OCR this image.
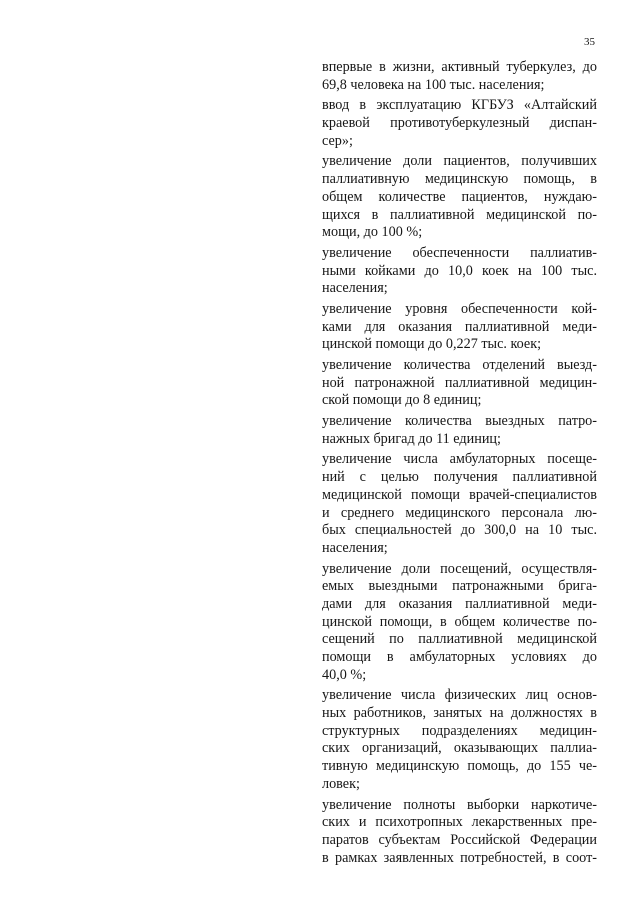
35
впервые в жизни, активный туберкулез, до
69,8 человека на 100 тыс. населения;
ввод в эксплуатацию КГБУЗ «Алтайский
краевой противотуберкулезный диспан-
сер»;
увеличение доли пациентов, получивших
паллиативную медицинскую помощь, в
общем количестве пациентов, нуждаю-
щихся в паллиативной медицинской по-
мощи, до 100 %;
увеличение обеспеченности паллиатив-
ными койками до 10,0 коек на 100 тыс.
населения;
увеличение уровня обеспеченности кой-
ками для оказания паллиативной меди-
цинской помощи до 0,227 тыс. коек;
увеличение количества отделений выезд-
ной патронажной паллиативной медицин-
ской помощи до 8 единиц;
увеличение количества выездных патро-
нажных бригад до 11 единиц;
увеличение числа амбулаторных посеще-
ний с целью получения паллиативной
медицинской помощи врачей-специалистов
и среднего медицинского персонала лю-
бых специальностей до 300,0 на 10 тыс.
населения;
увеличение доли посещений, осуществля-
емых выездными патронажными брига-
дами для оказания паллиативной меди-
цинской помощи, в общем количестве по-
сещений по паллиативной медицинской
помощи в амбулаторных условиях до
40,0 %;
увеличение числа физических лиц основ-
ных работников, занятых на должностях в
структурных подразделениях медицин-
ских организаций, оказывающих паллиа-
тивную медицинскую помощь, до 155 че-
ловек;
увеличение полноты выборки наркотиче-
ских и психотропных лекарственных пре-
паратов субъектам Российской Федерации
в рамках заявленных потребностей, в соот-
